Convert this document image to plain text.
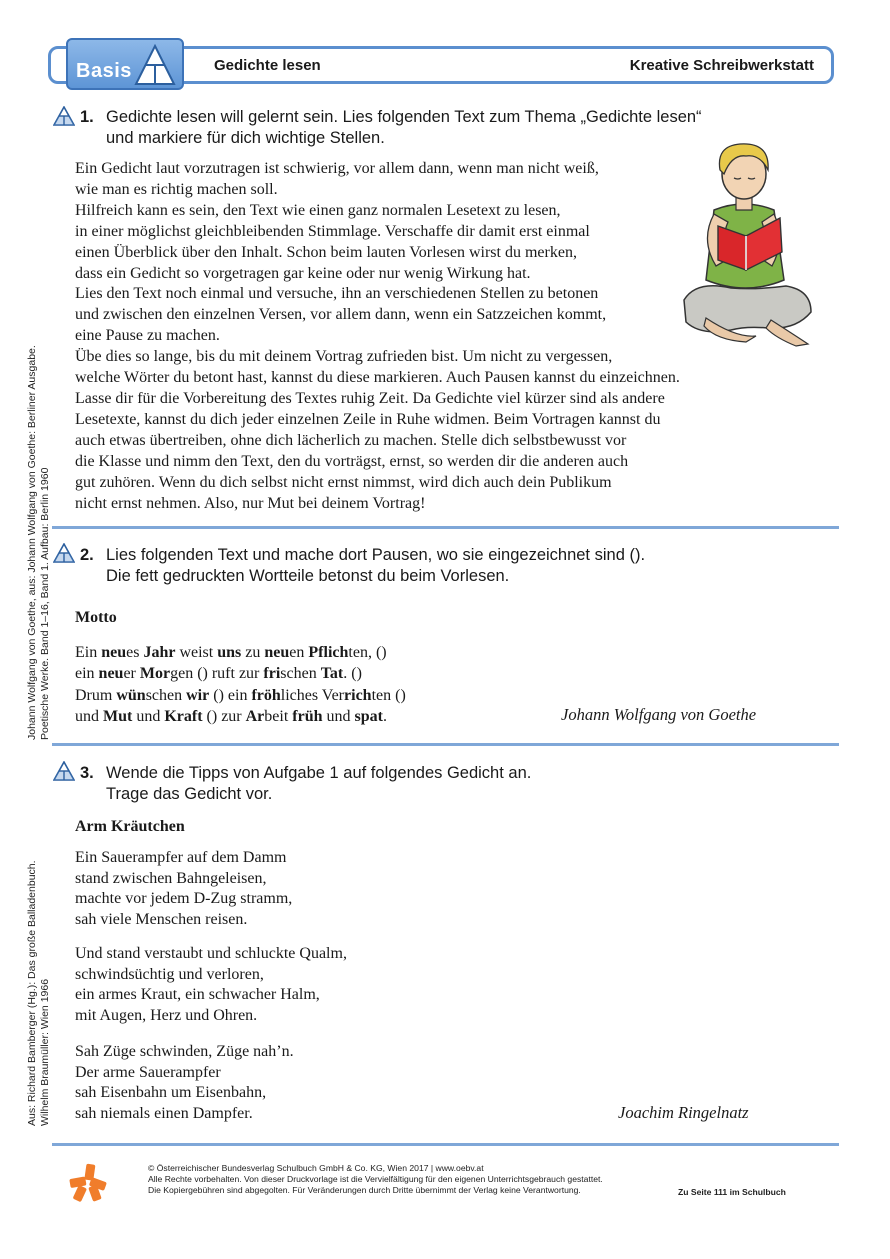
Basis	Gedichte lesen	Kreative Schreibwerkstatt
Johann Wolfgang von Goethe, aus: Johann Wolfgang von Goethe: Berliner Ausgabe. Poetische Werke. Band 1–16, Band 1. Aufbau: Berlin 1960
Aus: Richard Bamberger (Hg.): Das große Balladenbuch. Wilhelm Braumüller: Wien 1966
1. Gedichte lesen will gelernt sein. Lies folgenden Text zum Thema „Gedichte lesen“
und markiere für dich wichtige Stellen.
Ein Gedicht laut vorzutragen ist schwierig, vor allem dann, wenn man nicht weiß,
wie man es richtig machen soll.
Hilfreich kann es sein, den Text wie einen ganz normalen Lesetext zu lesen,
in einer möglichst gleichbleibenden Stimmlage. Verschaffe dir damit erst einmal
einen Überblick über den Inhalt. Schon beim lauten Vorlesen wirst du merken,
dass ein Gedicht so vorgetragen gar keine oder nur wenig Wirkung hat.
Lies den Text noch einmal und versuche, ihn an verschiedenen Stellen zu betonen
und zwischen den einzelnen Versen, vor allem dann, wenn ein Satzzeichen kommt,
eine Pause zu machen.
Übe dies so lange, bis du mit deinem Vortrag zufrieden bist. Um nicht zu vergessen,
welche Wörter du betont hast, kannst du diese markieren. Auch Pausen kannst du einzeichnen.
Lasse dir für die Vorbereitung des Textes ruhig Zeit. Da Gedichte viel kürzer sind als andere
Lesetexte, kannst du dich jeder einzelnen Zeile in Ruhe widmen. Beim Vortragen kannst du
auch etwas übertreiben, ohne dich lächerlich zu machen. Stelle dich selbstbewusst vor
die Klasse und nimm den Text, den du vorträgst, ernst, so werden dir die anderen auch
gut zuhören. Wenn du dich selbst nicht ernst nimmst, wird dich auch dein Publikum
nicht ernst nehmen. Also, nur Mut bei deinem Vortrag!
2. Lies folgenden Text und mache dort Pausen, wo sie eingezeichnet sind ().
Die fett gedruckten Wortteile betonst du beim Vorlesen.
Motto
Ein neues Jahr weist uns zu neuen Pflichten, ()
ein neuer Morgen () ruft zur frischen Tat. ()
Drum wünschen wir () ein fröhliches Verrichten ()
und Mut und Kraft () zur Arbeit früh und spat.	Johann Wolfgang von Goethe
3. Wende die Tipps von Aufgabe 1 auf folgendes Gedicht an.
Trage das Gedicht vor.
Arm Kräutchen
Ein Sauerampfer auf dem Damm
stand zwischen Bahngeleisen,
machte vor jedem D-Zug stramm,
sah viele Menschen reisen.
Und stand verstaubt und schluckte Qualm,
schwindsüchtig und verloren,
ein armes Kraut, ein schwacher Halm,
mit Augen, Herz und Ohren.
Sah Züge schwinden, Züge nah’n.
Der arme Sauerampfer
sah Eisenbahn um Eisenbahn,
sah niemals einen Dampfer.	Joachim Ringelnatz
© Österreichischer Bundesverlag Schulbuch GmbH & Co. KG, Wien 2017 | www.oebv.at
Alle Rechte vorbehalten. Von dieser Druckvorlage ist die Vervielfältigung für den eigenen Unterrichtsgebrauch gestattet.
Die Kopiergebühren sind abgegolten. Für Veränderungen durch Dritte übernimmt der Verlag keine Verantwortung.	Zu Seite 111 im Schulbuch
